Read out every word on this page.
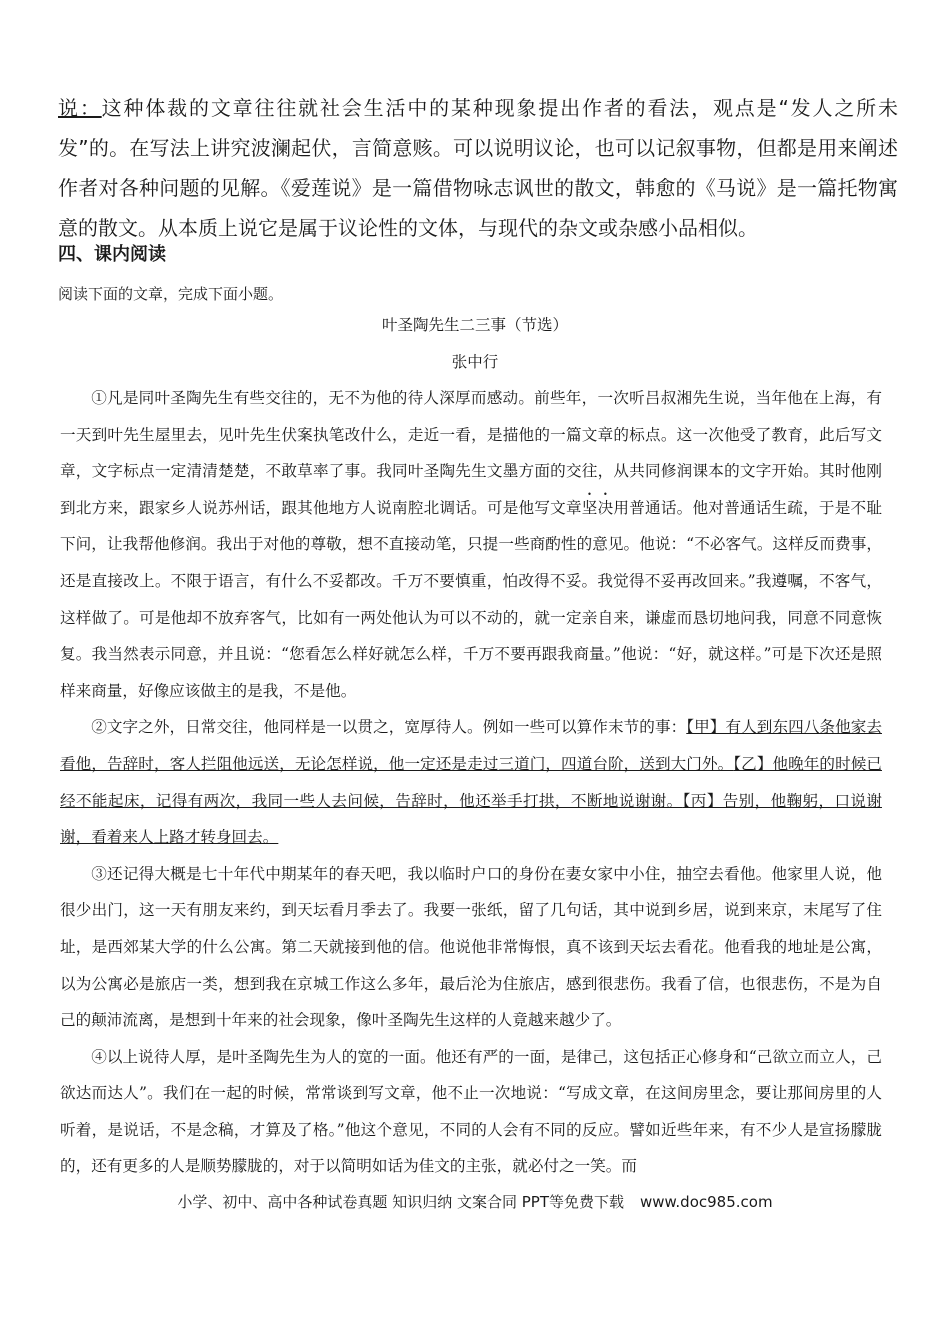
说：这种体裁的文章往往就社会生活中的某种现象提出作者的看法，观点是“发人之所未发”的。在写法上讲究波澜起伏，言简意赅。可以说明议论，也可以记叙事物，但都是用来阐述作者对各种问题的见解。《爱莲说》是一篇借物咏志讽世的散文，韩愈的《马说》是一篇托物寓意的散文。从本质上说它是属于议论性的文体，与现代的杂文或杂感小品相似。
四、课内阅读
阅读下面的文章，完成下面小题。
叶圣陶先生二三事（节选）
张中行

①凡是同叶圣陶先生有些交往的，无不为他的待人深厚而感动。前些年，一次听吕叔湘先生说，当年他在上海，有一天到叶先生屋里去，见叶先生伏案执笔改什么，走近一看，是描他的一篇文章的标点。这一次他受了教育，此后写文章，文字标点一定清清楚楚，不敢草率了事。我同叶圣陶先生文墨方面的交往，从共同修润课本的文字开始。其时他刚到北方来，跟家乡人说苏州话，跟其他地方人说南腔北调话。可是他写文章坚决用普通话。他对普通话生疏，于是不耻下问，让我帮他修润。我出于对他的尊敬，想不直接动笔，只提一些商酌性的意见。他说：“不必客气。这样反而费事，还是直接改上。不限于语言，有什么不妥都改。千万不要慎重，怕改得不妥。我觉得不妥再改回来。”我遵嘱，不客气，这样做了。可是他却不放弃客气，比如有一两处他认为可以不动的，就一定亲自来，谦虚而恳切地问我，同意不同意恢复。我当然表示同意，并且说：“您看怎么样好就怎么样，千万不要再跟我商量。”他说：“好，就这样。”可是下次还是照样来商量，好像应该做主的是我，不是他。

②文字之外，日常交往，他同样是一以贯之，宽厚待人。例如一些可以算作末节的事：【甲】有人到东四八条他家去看他，告辞时，客人拦阻他远送，无论怎样说，他一定还是走过三道门，四道台阶，送到大门外。【乙】他晚年的时候已经不能起床，记得有两次，我同一些人去问候，告辞时，他还举手打拱，不断地说谢谢。【丙】告别，他鞠躬，口说谢谢，看着来人上路才转身回去。

③还记得大概是七十年代中期某年的春天吧，我以临时户口的身份在妻女家中小住，抽空去看他。他家里人说，他很少出门，这一天有朋友来约，到天坛看月季去了。我要一张纸，留了几句话，其中说到乡居，说到来京，末尾写了住址，是西郊某大学的什么公寓。第二天就接到他的信。他说他非常悔恨，真不该到天坛去看花。他看我的地址是公寓，以为公寓必是旅店一类，想到我在京城工作这么多年，最后沦为住旅店，感到很悲伤。我看了信，也很悲伤，不是为自己的颠沛流离，是想到十年来的社会现象，像叶圣陶先生这样的人竟越来越少了。

④以上说待人厚，是叶圣陶先生为人的宽的一面。他还有严的一面，是律己，这包括正心修身和“己欲立而立人，己欲达而达人”。我们在一起的时候，常常谈到写文章，他不止一次地说：“写成文章，在这间房里念，要让那间房里的人听着，是说话，不是念稿，才算及了格。”他这个意见，不同的人会有不同的反应。譬如近些年来，有不少人是宣扬朦胧的，还有更多的人是顺势朦胧的，对于以简明如话为佳文的主张，就必付之一笑。而

小学、初中、高中各种试卷真题 知识归纳 文案合同 PPT等免费下载 www.doc985.com
